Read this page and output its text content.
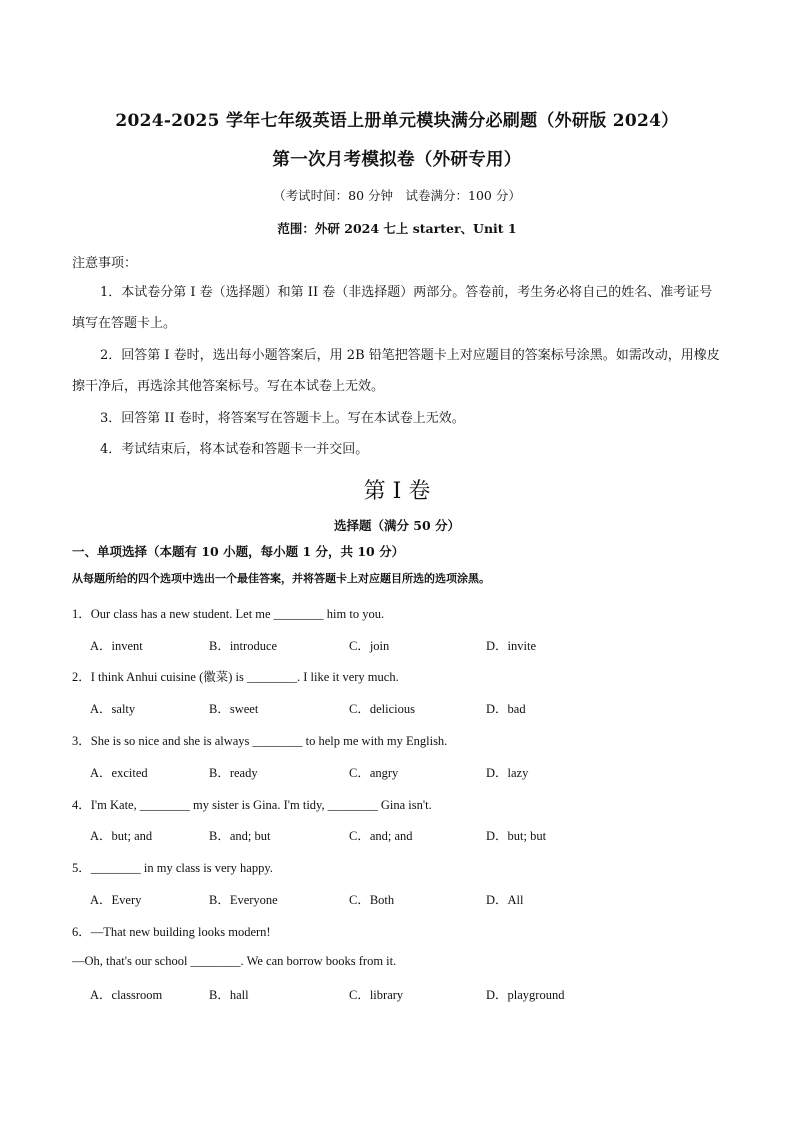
2024-2025 学年七年级英语上册单元模块满分必刷题（外研版 2024）
第一次月考模拟卷（外研专用）
（考试时间：80 分钟　试卷满分：100 分）
范围：外研 2024 七上 starter、Unit 1
注意事项：
1．本试卷分第 I 卷（选择题）和第 II 卷（非选择题）两部分。答卷前，考生务必将自己的姓名、准考证号填写在答题卡上。
2．回答第 I 卷时，选出每小题答案后，用 2B 铅笔把答题卡上对应题目的答案标号涂黑。如需改动，用橡皮擦干净后，再选涂其他答案标号。写在本试卷上无效。
3．回答第 II 卷时，将答案写在答题卡上。写在本试卷上无效。
4．考试结束后，将本试卷和答题卡一并交回。
第 I 卷
选择题（满分 50 分）
一、单项选择（本题有 10 小题，每小题 1 分，共 10 分）
从每题所给的四个选项中选出一个最佳答案，并将答题卡上对应题目所选的选项涂黑。
1．Our class has a new student. Let me ________ him to you.
A．invent	B．introduce	C．join	D．invite
2．I think Anhui cuisine (徽菜) is ________. I like it very much.
A．salty	B．sweet	C．delicious	D．bad
3．She is so nice and she is always ________ to help me with my English.
A．excited	B．ready	C．angry	D．lazy
4．I'm Kate, ________ my sister is Gina. I'm tidy, ________ Gina isn't.
A．but; and	B．and; but	C．and; and	D．but; but
5．________ in my class is very happy.
A．Every	B．Everyone	C．Both	D．All
6．—That new building looks modern!
—Oh, that's our school ________. We can borrow books from it.
A．classroom	B．hall	C．library	D．playground
